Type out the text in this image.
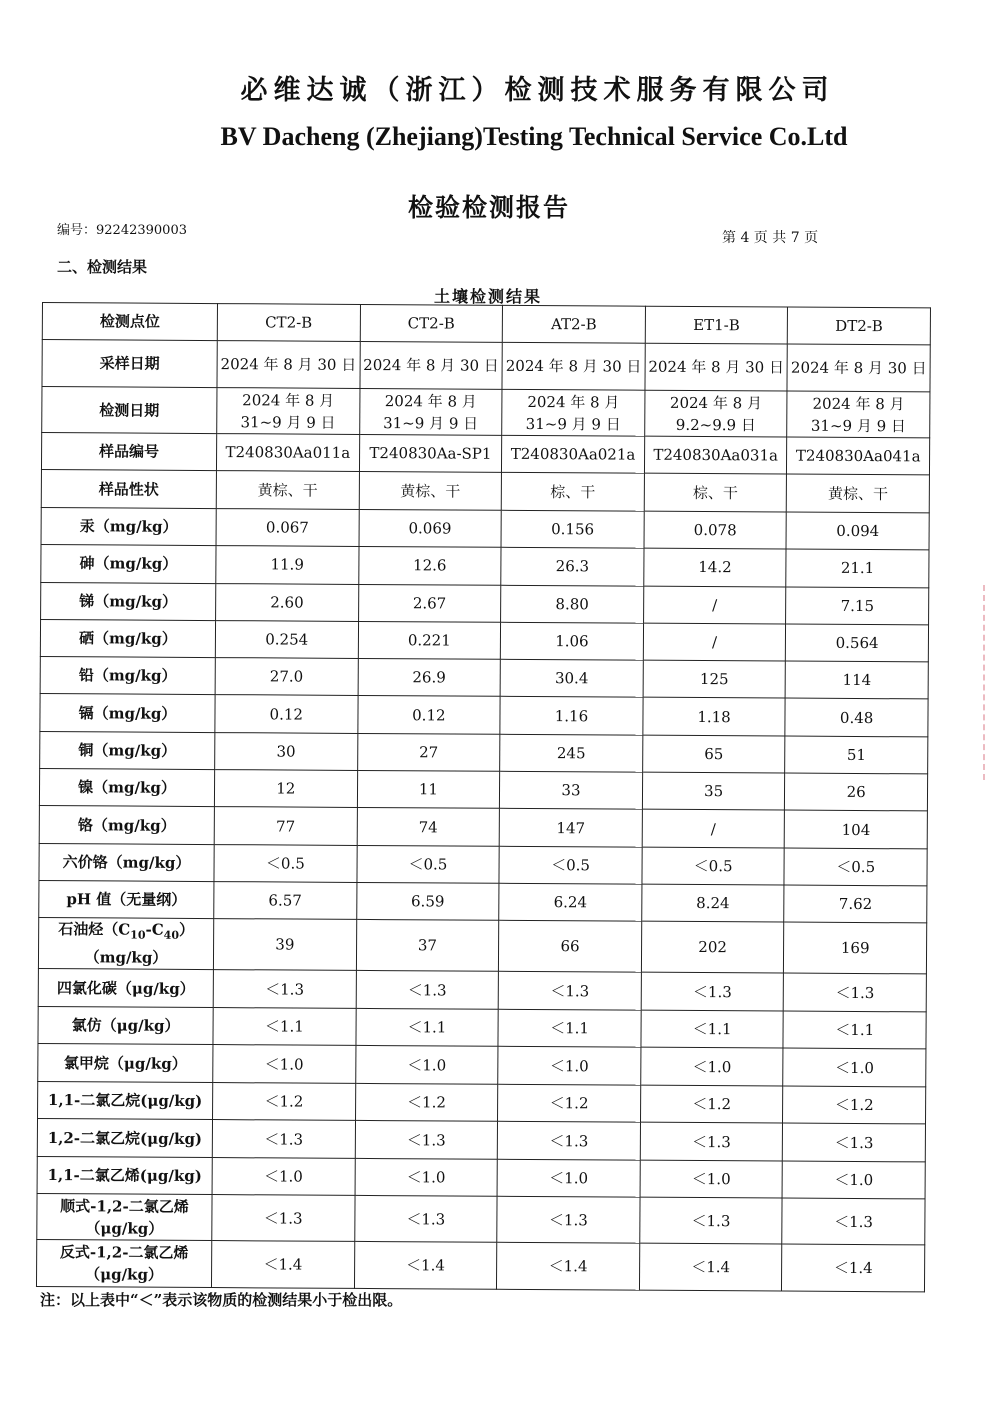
必维达诚（浙江）检测技术服务有限公司
BV Dacheng (Zhejiang)Testing Technical Service Co.Ltd
检验检测报告
编号：92242390003	第 4 页 共 7 页
二、检测结果
土壤检测结果
检测点位	CT2-B	CT2-B	AT2-B	ET1-B	DT2-B
采样日期	2024 年 8 月 30 日	2024 年 8 月 30 日	2024 年 8 月 30 日	2024 年 8 月 30 日	2024 年 8 月 30 日
检测日期	2024 年 8 月 31~9 月 9 日	2024 年 8 月 31~9 月 9 日	2024 年 8 月 31~9 月 9 日	2024 年 8 月 9.2~9.9 日	2024 年 8 月 31~9 月 9 日
样品编号	T240830Aa011a	T240830Aa-SP1	T240830Aa021a	T240830Aa031a	T240830Aa041a
样品性状	黄棕、干	黄棕、干	棕、干	棕、干	黄棕、干
汞（mg/kg）	0.067	0.069	0.156	0.078	0.094
砷（mg/kg）	11.9	12.6	26.3	14.2	21.1
锑（mg/kg）	2.60	2.67	8.80	/	7.15
硒（mg/kg）	0.254	0.221	1.06	/	0.564
铅（mg/kg）	27.0	26.9	30.4	125	114
镉（mg/kg）	0.12	0.12	1.16	1.18	0.48
铜（mg/kg）	30	27	245	65	51
镍（mg/kg）	12	11	33	35	26
铬（mg/kg）	77	74	147	/	104
六价铬（mg/kg）	＜0.5	＜0.5	＜0.5	＜0.5	＜0.5
pH 值（无量纲）	6.57	6.59	6.24	8.24	7.62

石油烃$(C_{10}-C_{40})$
（mg/kg）	39	37	66	202	169
四氯化碳（μg/kg）	＜1.3	＜1.3	＜1.3	＜1.3	＜1.3
氯仿（μg/kg）	＜1.1	＜1.1	＜1.1	＜1.1	＜1.1
氯甲烷（μg/kg）	＜1.0	＜1.0	＜1.0	＜1.0	＜1.0
1,1-二氯乙烷(μg/kg)	＜1.2	＜1.2	＜1.2	＜1.2	＜1.2
1,2-二氯乙烷(μg/kg)	＜1.3	＜1.3	＜1.3	＜1.3	＜1.3
1,1-二氯乙烯(μg/kg)	＜1.0	＜1.0	＜1.0	＜1.0	＜1.0
顺式-1,2-二氯乙烯 （μg/kg）	＜1.3	＜1.3	＜1.3	＜1.3	＜1.3
反式-1,2-二氯乙烯 （μg/kg）	＜1.4	＜1.4	＜1.4	＜1.4	＜1.4
注：以上表中“＜”表示该物质的检测结果小于检出限。
